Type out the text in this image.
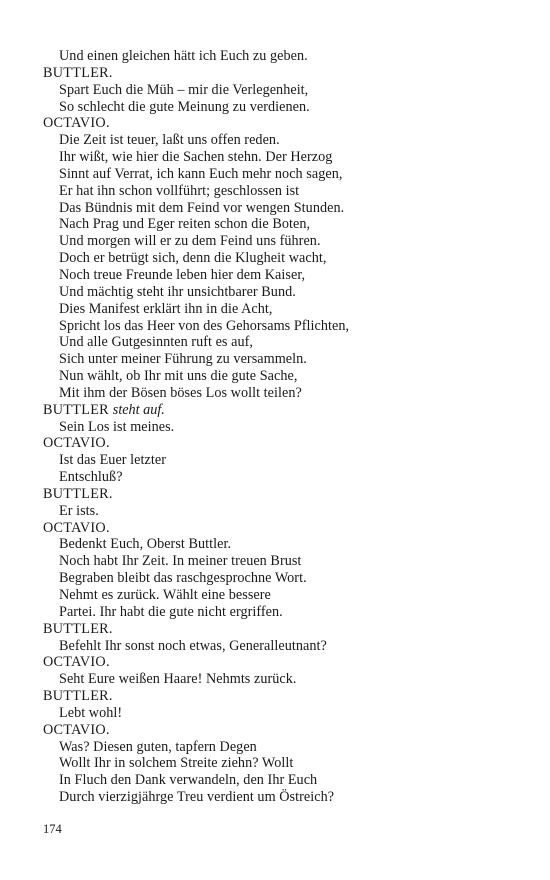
Und einen gleichen hätt ich Euch zu geben.
BUTTLER.
Spart Euch die Müh – mir die Verlegenheit,
So schlecht die gute Meinung zu verdienen.
OCTAVIO.
Die Zeit ist teuer, laßt uns offen reden.
Ihr wißt, wie hier die Sachen stehn. Der Herzog
Sinnt auf Verrat, ich kann Euch mehr noch sagen,
Er hat ihn schon vollführt; geschlossen ist
Das Bündnis mit dem Feind vor wengen Stunden.
Nach Prag und Eger reiten schon die Boten,
Und morgen will er zu dem Feind uns führen.
Doch er betrügt sich, denn die Klugheit wacht,
Noch treue Freunde leben hier dem Kaiser,
Und mächtig steht ihr unsichtbarer Bund.
Dies Manifest erklärt ihn in die Acht,
Spricht los das Heer von des Gehorsams Pflichten,
Und alle Gutgesinnten ruft es auf,
Sich unter meiner Führung zu versammeln.
Nun wählt, ob Ihr mit uns die gute Sache,
Mit ihm der Bösen böses Los wollt teilen?
BUTTLER steht auf.
Sein Los ist meines.
OCTAVIO.
Ist das Euer letzter
Entschluß?
BUTTLER.
Er ists.
OCTAVIO.
Bedenkt Euch, Oberst Buttler.
Noch habt Ihr Zeit. In meiner treuen Brust
Begraben bleibt das raschgesprochne Wort.
Nehmt es zurück. Wählt eine bessere
Partei. Ihr habt die gute nicht ergriffen.
BUTTLER.
Befehlt Ihr sonst noch etwas, Generalleutnant?
OCTAVIO.
Seht Eure weißen Haare! Nehmts zurück.
BUTTLER.
Lebt wohl!
OCTAVIO.
Was? Diesen guten, tapfern Degen
Wollt Ihr in solchem Streite ziehn? Wollt
In Fluch den Dank verwandeln, den Ihr Euch
Durch vierzigjährge Treu verdient um Östreich?
174
